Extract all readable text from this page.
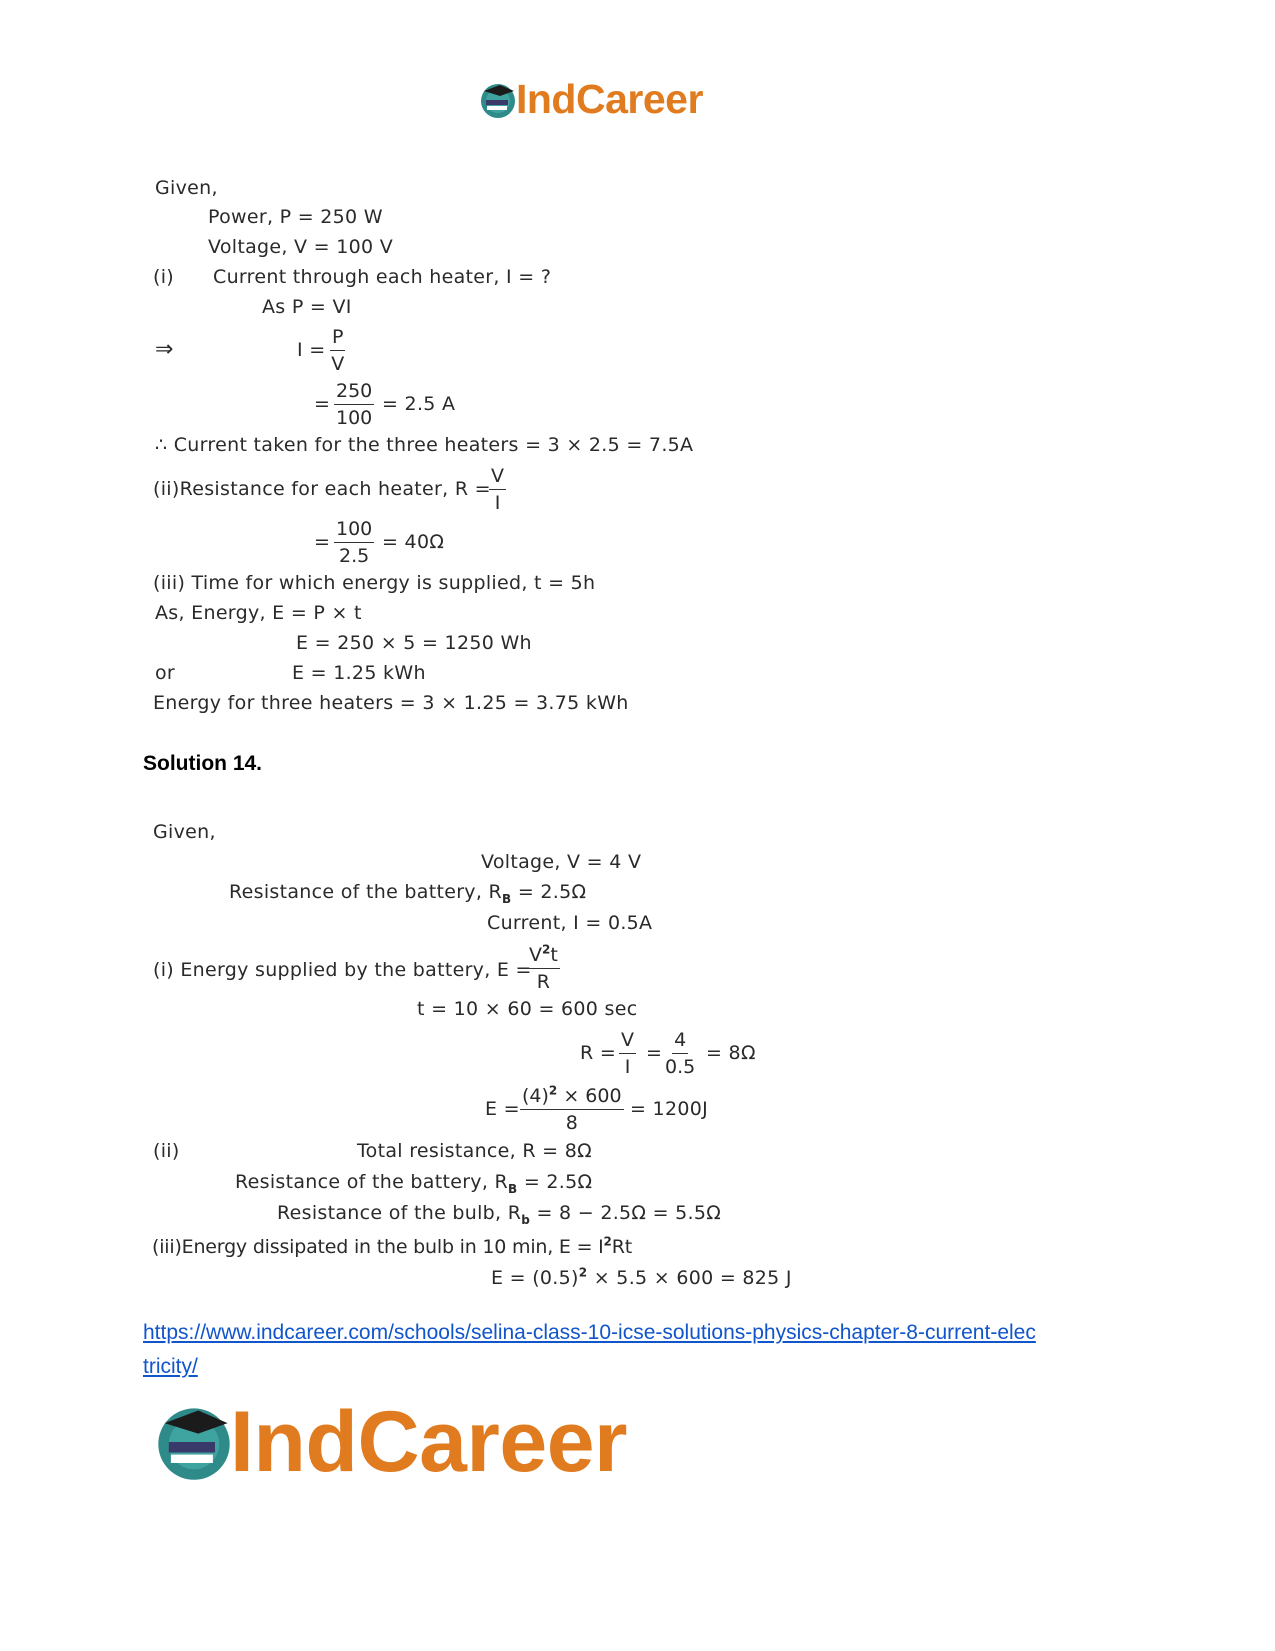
IndCareer
Given,
Power, P = 250 W
Voltage, V = 100 V
(i) Current through each heater, I = ?
As P = VI
⇒	$I = \frac{P}{V}$
= $\frac{250}{100} = 2.5$ A
∴ Current taken for the three heaters = 3 × 2.5 = 7.5A
(ii)Resistance for each heater, R =
$\frac{V}{I}$
= $\frac{100}{2.5} = 40\Omega$
(iii) Time for which energy is supplied, t = 5h
As, Energy, E = P × t
E = 250 × 5 = 1250 Wh
or	E = 1.25 kWh
Energy for three heaters = 3 × 1.25 = 3.75 kWh
Solution 14.
Given,
Voltage, V = 4 V
Resistance of the battery, $R_B = 2.5\Omega$
Current, I = 0.5A
(i) Energy supplied by the battery, E =
$\frac{V^2t}{R}$
t = 10 × 60 = 600 sec
$R = \frac{V}{I} = \frac{4}{0.5} = 8\Omega$
$E = \frac{(4)^2 \times 600}{8} = 1200J$
(ii)	Total resistance, R = 8Ω
Resistance of the battery, $R_B = 2.5\Omega$
Resistance of the bulb, $R_b = 8 - 2.5\Omega = 5.5\Omega$
(iii)Energy dissipated in the bulb in 10 min, $E = I^2Rt$
$E = (0.5)^2 \times 5.5 \times 600 = 825$ J
https://www.indcareer.com/schools/selina-class-10-icse-solutions-physics-chapter-8-current-elec
tricity/
IndCareer
